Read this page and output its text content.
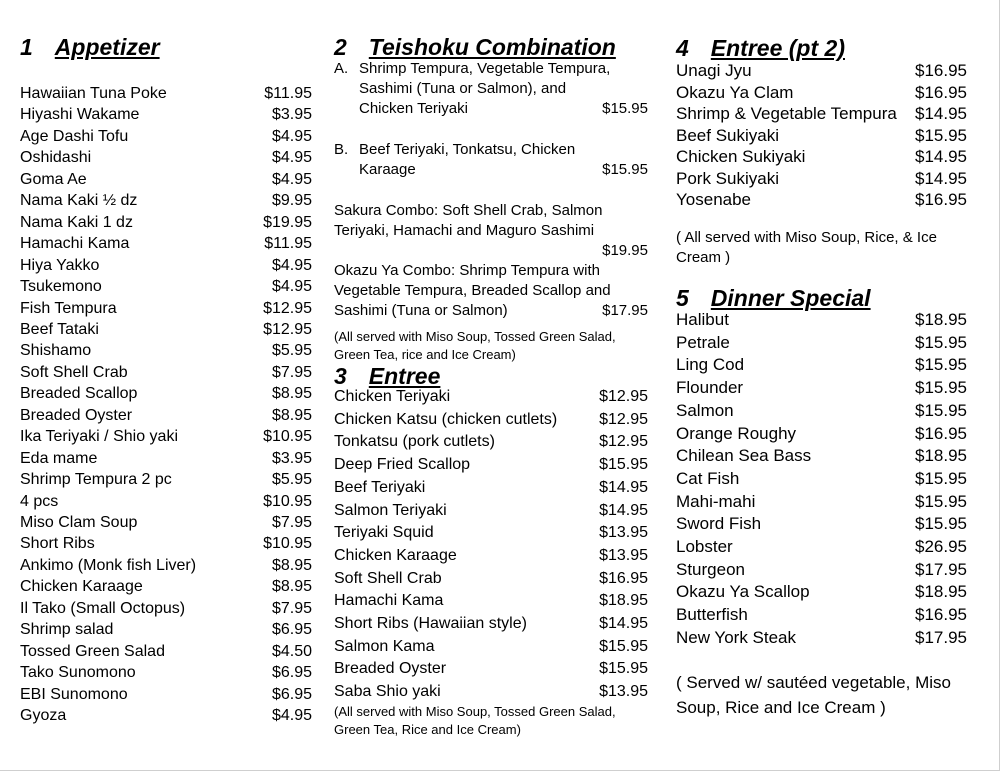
1 Appetizer
Hawaiian Tuna Poke	$11.95
Hiyashi Wakame	$3.95
Age Dashi Tofu	$4.95
Oshidashi	$4.95
Goma Ae	$4.95
Nama Kaki ½ dz	$9.95
Nama Kaki 1 dz	$19.95
Hamachi Kama	$11.95
Hiya Yakko	$4.95
Tsukemono	$4.95
Fish Tempura	$12.95
Beef Tataki	$12.95
Shishamo	$5.95
Soft Shell Crab	$7.95
Breaded Scallop	$8.95
Breaded Oyster	$8.95
Ika Teriyaki / Shio yaki	$10.95
Eda mame	$3.95
Shrimp Tempura 2 pc	$5.95
4 pcs	$10.95
Miso Clam Soup	$7.95
Short Ribs	$10.95
Ankimo (Monk fish Liver)	$8.95
Chicken Karaage	$8.95
Il Tako (Small Octopus)	$7.95
Shrimp salad	$6.95
Tossed Green Salad	$4.50
Tako Sunomono	$6.95
EBI Sunomono	$6.95
Gyoza	$4.95
2 Teishoku Combination
A. Shrimp Tempura, Vegetable Tempura,
Sashimi (Tuna or Salmon), and
Chicken Teriyaki	$15.95
B. Beef Teriyaki, Tonkatsu, Chicken
Karaage	$15.95
Sakura Combo: Soft Shell Crab, Salmon
Teriyaki, Hamachi and Maguro Sashimi
$19.95
Okazu Ya Combo: Shrimp Tempura with
Vegetable Tempura, Breaded Scallop and
Sashimi (Tuna or Salmon)	$17.95
(All served with Miso Soup, Tossed Green Salad,
Green Tea, rice and Ice Cream)
3 Entree
Chicken Teriyaki	$12.95
Chicken Katsu (chicken cutlets)	$12.95
Tonkatsu (pork cutlets)	$12.95
Deep Fried Scallop	$15.95
Beef Teriyaki	$14.95
Salmon Teriyaki	$14.95
Teriyaki Squid	$13.95
Chicken Karaage	$13.95
Soft Shell Crab	$16.95
Hamachi Kama	$18.95
Short Ribs (Hawaiian style)	$14.95
Salmon Kama	$15.95
Breaded Oyster	$15.95
Saba Shio yaki	$13.95
(All served with Miso Soup, Tossed Green Salad,
Green Tea, Rice and Ice Cream)
4 Entree (pt 2)
Unagi Jyu	$16.95
Okazu Ya Clam	$16.95
Shrimp & Vegetable Tempura $14.95
Beef Sukiyaki	$15.95
Chicken Sukiyaki	$14.95
Pork Sukiyaki	$14.95
Yosenabe	$16.95
( All served with Miso Soup, Rice, & Ice
Cream )
5 Dinner Special
Halibut	$18.95
Petrale	$15.95
Ling Cod	$15.95
Flounder	$15.95
Salmon	$15.95
Orange Roughy	$16.95
Chilean Sea Bass	$18.95
Cat Fish	$15.95
Mahi-mahi	$15.95
Sword Fish	$15.95
Lobster	$26.95
Sturgeon	$17.95
Okazu Ya Scallop	$18.95
Butterfish	$16.95
New York Steak	$17.95
( Served w/ sautéed vegetable, Miso
Soup, Rice and Ice Cream )
